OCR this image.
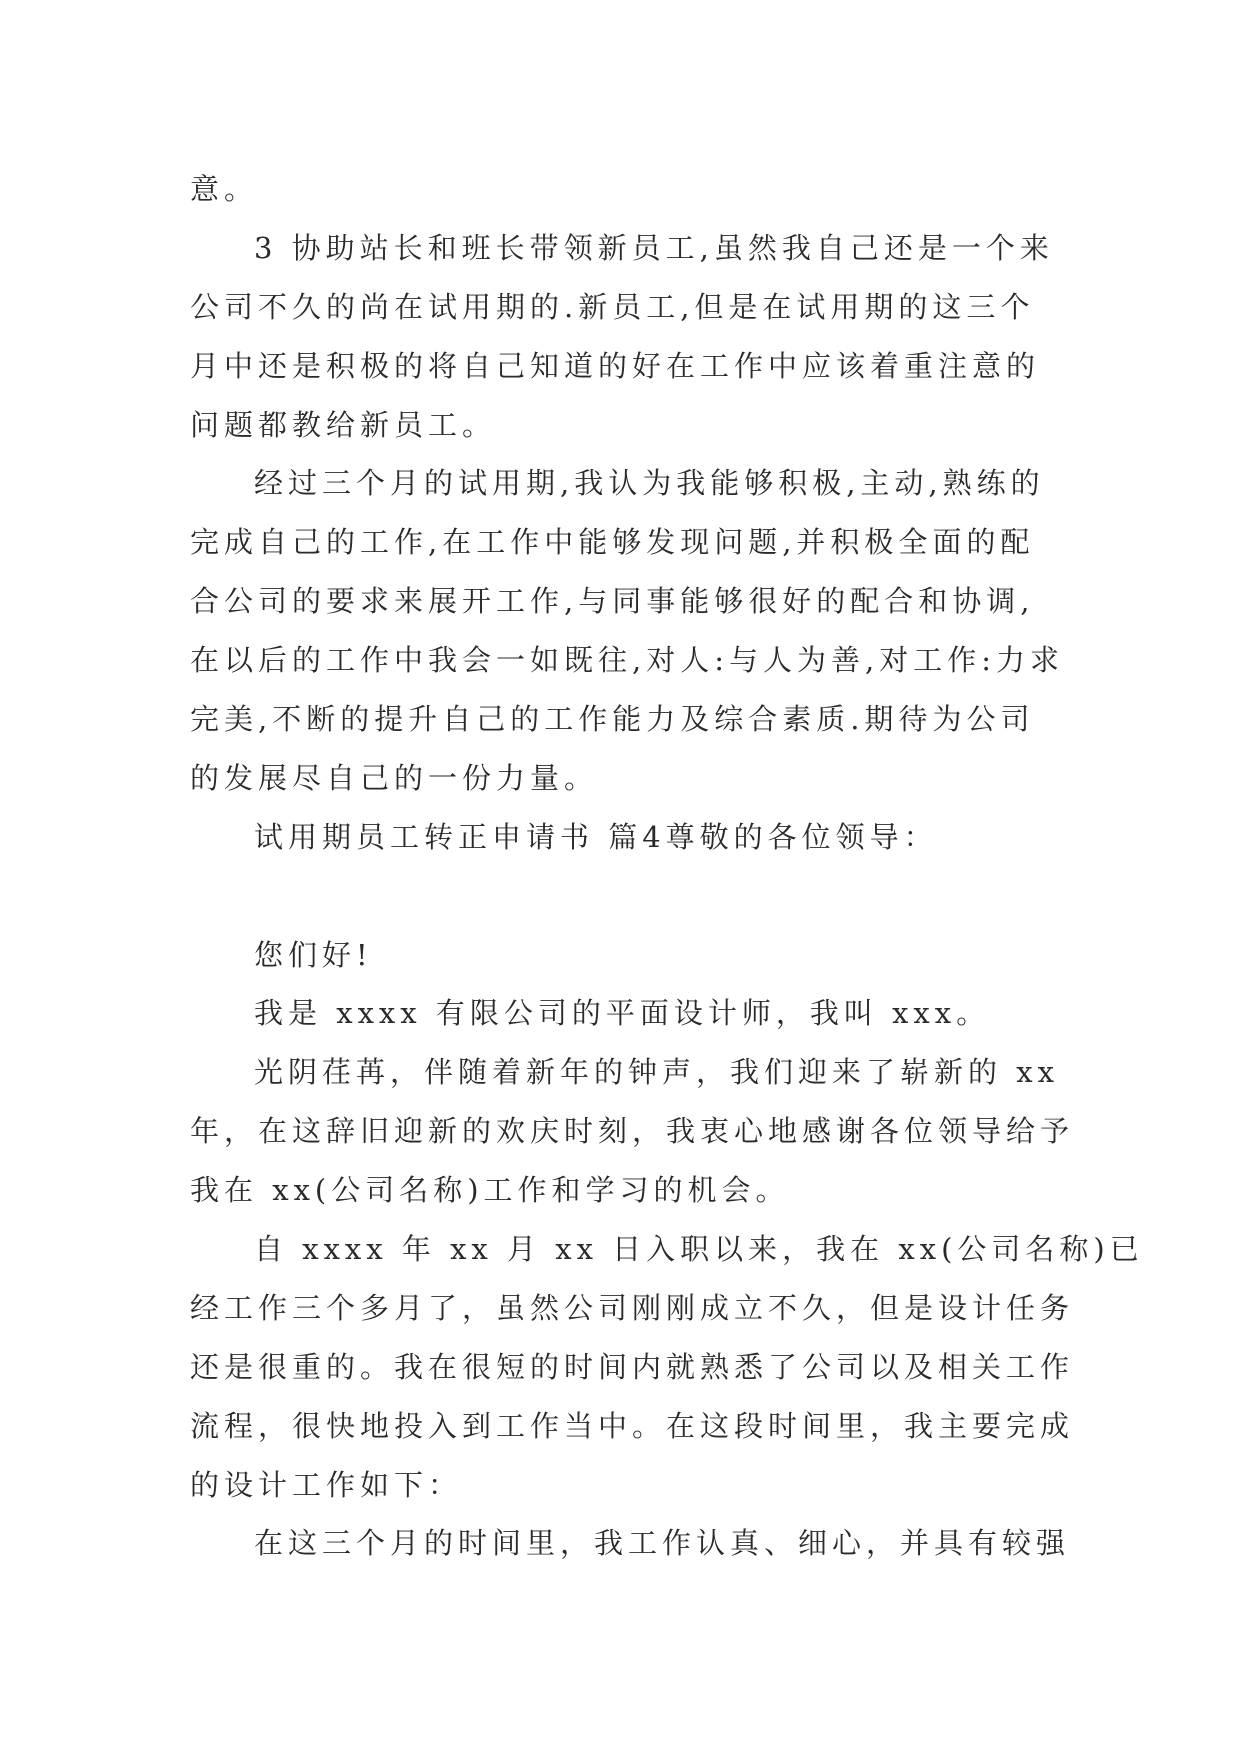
意。
3 协助站长和班长带领新员工,虽然我自己还是一个来
公司不久的尚在试用期的.新员工,但是在试用期的这三个
月中还是积极的将自己知道的好在工作中应该着重注意的
问题都教给新员工。
经过三个月的试用期,我认为我能够积极,主动,熟练的
完成自己的工作,在工作中能够发现问题,并积极全面的配
合公司的要求来展开工作,与同事能够很好的配合和协调,
在以后的工作中我会一如既往,对人:与人为善,对工作:力求
完美,不断的提升自己的工作能力及综合素质.期待为公司
的发展尽自己的一份力量。
试用期员工转正申请书 篇4尊敬的各位领导：
您们好!
我是 xxxx 有限公司的平面设计师，我叫 xxx。
光阴荏苒，伴随着新年的钟声，我们迎来了崭新的 xx
年，在这辞旧迎新的欢庆时刻，我衷心地感谢各位领导给予
我在 xx(公司名称)工作和学习的机会。
自 xxxx 年 xx 月 xx 日入职以来，我在 xx(公司名称)已
经工作三个多月了，虽然公司刚刚成立不久，但是设计任务
还是很重的。我在很短的时间内就熟悉了公司以及相关工作
流程，很快地投入到工作当中。在这段时间里，我主要完成
的设计工作如下：
在这三个月的时间里，我工作认真、细心，并具有较强
